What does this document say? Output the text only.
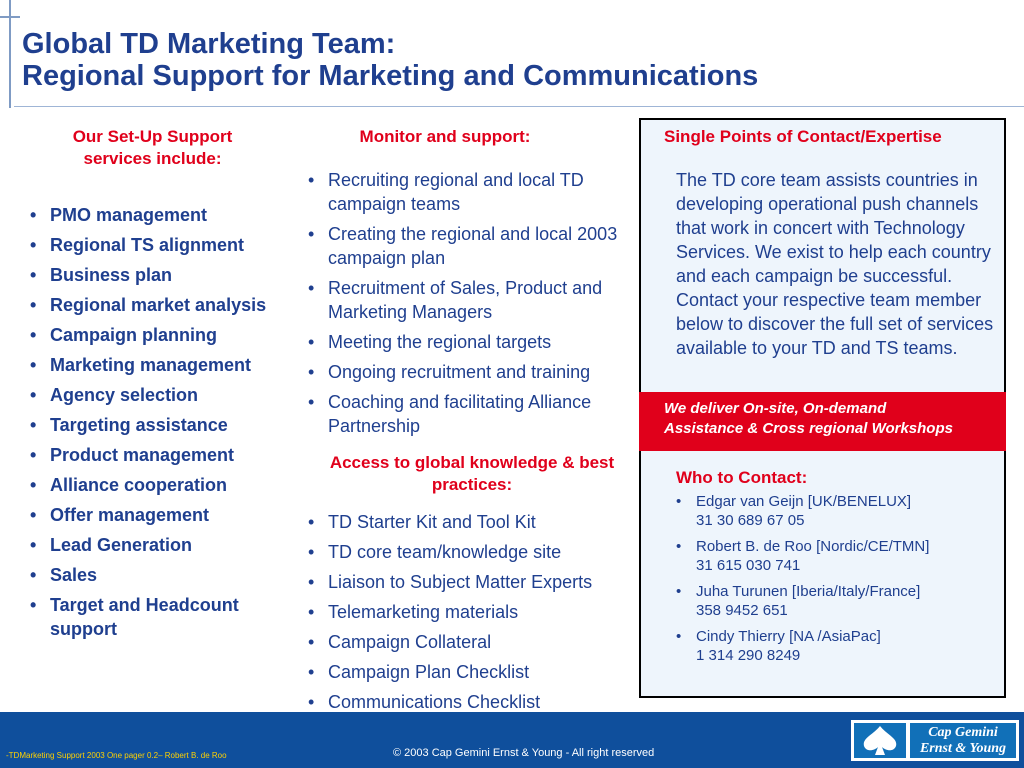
Global TD Marketing Team:
Regional Support for Marketing and Communications
Our Set-Up Support services include:
• PMO management
• Regional TS alignment
• Business plan
• Regional market analysis
• Campaign planning
• Marketing management
• Agency selection
• Targeting assistance
• Product management
• Alliance cooperation
• Offer management
• Lead Generation
• Sales
• Target and Headcount support
Monitor and support:
• Recruiting regional and local TD campaign teams
• Creating the regional and local 2003 campaign plan
• Recruitment of Sales, Product and Marketing Managers
• Meeting the regional targets
• Ongoing recruitment and training
• Coaching and facilitating Alliance Partnership
Access to global knowledge & best practices:
• TD Starter Kit and Tool Kit
• TD core team/knowledge site
• Liaison to Subject Matter Experts
• Telemarketing materials
• Campaign Collateral
• Campaign Plan Checklist
• Communications Checklist
Single Points of Contact/Expertise
The TD core team assists countries in developing operational push channels that work in concert with Technology Services. We exist to help each country and each campaign be successful. Contact your respective team member below to discover the full set of services available to your TD and TS teams.
We deliver On-site, On-demand
Assistance & Cross regional Workshops
Who to Contact:
• Edgar van Geijn [UK/BENELUX]
31 30 689 67 05
• Robert B. de Roo [Nordic/CE/TMN]
31 615 030 741
• Juha Turunen [Iberia/Italy/France]
358 9452 651
• Cindy Thierry [NA /AsiaPac]
1 314 290 8249
-TDMarketing Support 2003 One pager 0.2– Robert B. de Roo	© 2003 Cap Gemini Ernst & Young - All right reserved
Cap Gemini
Ernst & Young
